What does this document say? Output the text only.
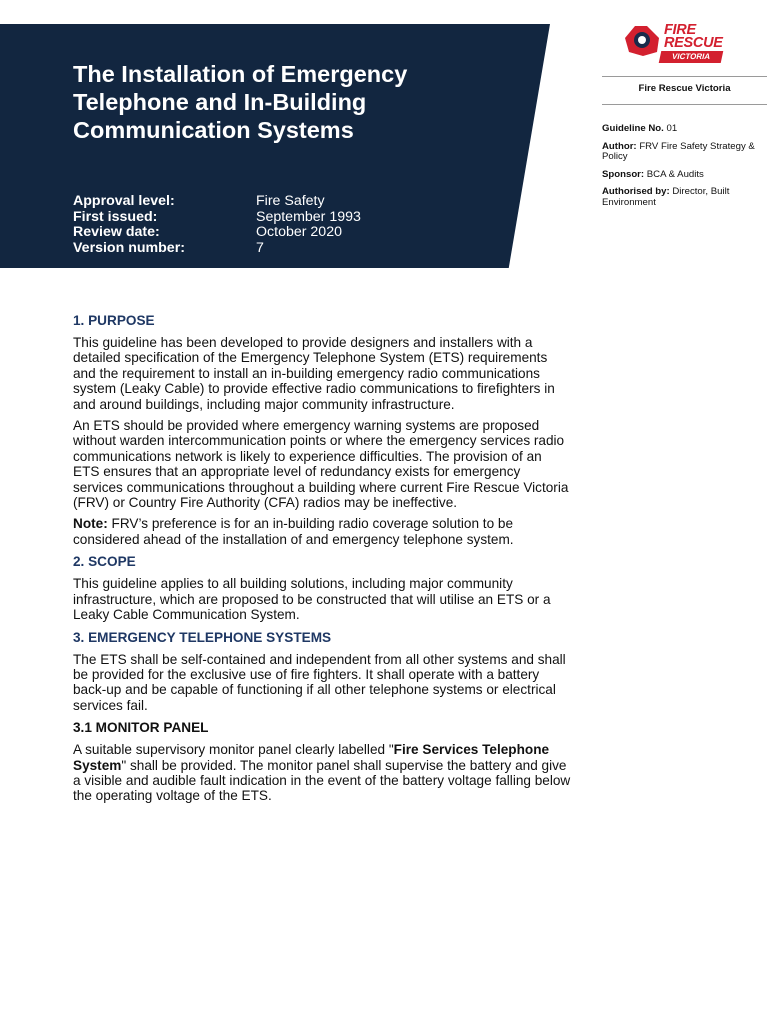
The Installation of Emergency Telephone and In-Building Communication Systems
Approval level:	Fire Safety
First issued:	September 1993
Review date:	October 2020
Version number:	7
FIRE
RESCUE
VICTORIA
Fire Rescue Victoria

Guideline No. 01

Author: FRV Fire Safety Strategy & Policy

Sponsor: BCA & Audits

Authorised by: Director, Built Environment

1. PURPOSE

This guideline has been developed to provide designers and installers with a detailed specification of the Emergency Telephone System (ETS) requirements and the requirement to install an in-building emergency radio communications system (Leaky Cable) to provide effective radio communications to firefighters in and around buildings, including major community infrastructure.

An ETS should be provided where emergency warning systems are proposed without warden intercommunication points or where the emergency services radio communications network is likely to experience difficulties. The provision of an ETS ensures that an appropriate level of redundancy exists for emergency services communications throughout a building where current Fire Rescue Victoria (FRV) or Country Fire Authority (CFA) radios may be ineffective.

Note: FRV’s preference is for an in-building radio coverage solution to be considered ahead of the installation of and emergency telephone system.

2. SCOPE

This guideline applies to all building solutions, including major community infrastructure, which are proposed to be constructed that will utilise an ETS or a Leaky Cable Communication System.

3. EMERGENCY TELEPHONE SYSTEMS

The ETS shall be self-contained and independent from all other systems and shall be provided for the exclusive use of fire fighters. It shall operate with a battery back-up and be capable of functioning if all other telephone systems or electrical services fail.

3.1 MONITOR PANEL

A suitable supervisory monitor panel clearly labelled "Fire Services Telephone System" shall be provided. The monitor panel shall supervise the battery and give a visible and audible fault indication in the event of the battery voltage falling below the operating voltage of the ETS.
